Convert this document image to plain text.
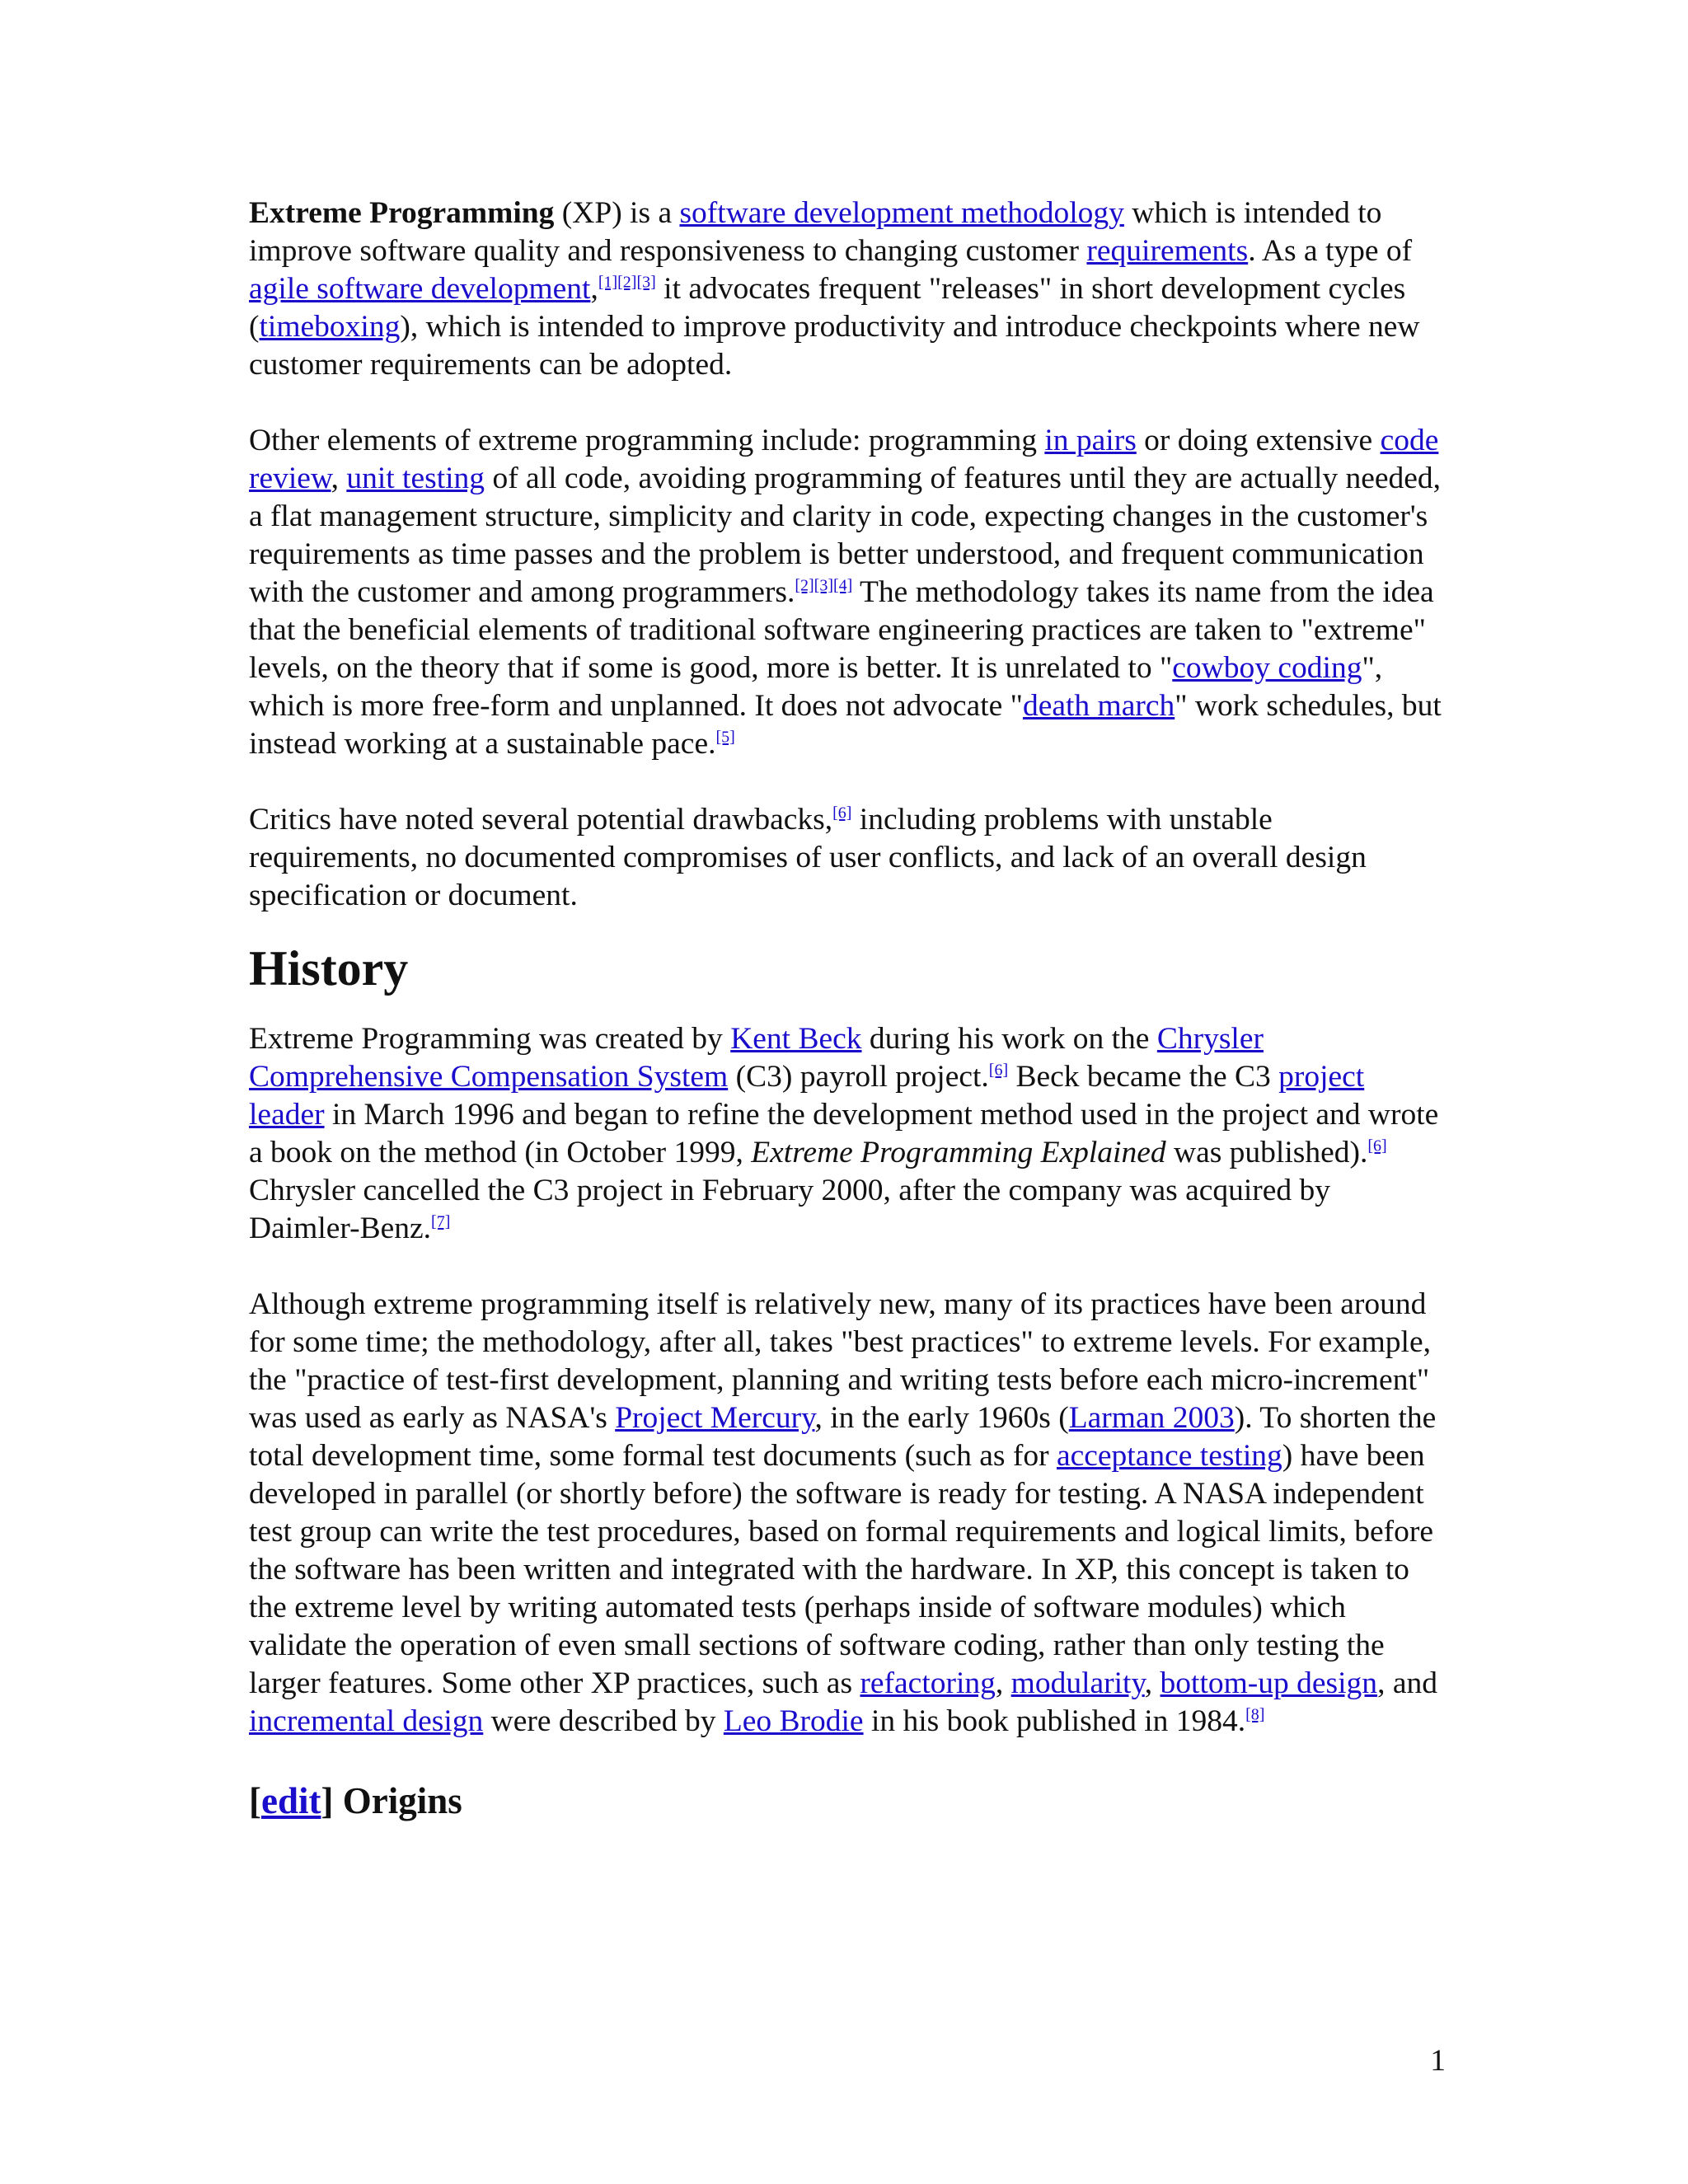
Extreme Programming (XP) is a software development methodology which is intended to improve software quality and responsiveness to changing customer requirements. As a type of agile software development,[1][2][3] it advocates frequent "releases" in short development cycles (timeboxing), which is intended to improve productivity and introduce checkpoints where new customer requirements can be adopted.

Other elements of extreme programming include: programming in pairs or doing extensive code review, unit testing of all code, avoiding programming of features until they are actually needed, a flat management structure, simplicity and clarity in code, expecting changes in the customer's requirements as time passes and the problem is better understood, and frequent communication with the customer and among programmers.[2][3][4] The methodology takes its name from the idea that the beneficial elements of traditional software engineering practices are taken to "extreme" levels, on the theory that if some is good, more is better. It is unrelated to "cowboy coding", which is more free-form and unplanned. It does not advocate "death march" work schedules, but instead working at a sustainable pace.[5]

Critics have noted several potential drawbacks,[6] including problems with unstable requirements, no documented compromises of user conflicts, and lack of an overall design specification or document.

History

Extreme Programming was created by Kent Beck during his work on the Chrysler Comprehensive Compensation System (C3) payroll project.[6] Beck became the C3 project leader in March 1996 and began to refine the development method used in the project and wrote a book on the method (in October 1999, Extreme Programming Explained was published).[6] Chrysler cancelled the C3 project in February 2000, after the company was acquired by Daimler-Benz.[7]

Although extreme programming itself is relatively new, many of its practices have been around for some time; the methodology, after all, takes "best practices" to extreme levels. For example, the "practice of test-first development, planning and writing tests before each micro-increment" was used as early as NASA's Project Mercury, in the early 1960s (Larman 2003). To shorten the total development time, some formal test documents (such as for acceptance testing) have been developed in parallel (or shortly before) the software is ready for testing. A NASA independent test group can write the test procedures, based on formal requirements and logical limits, before the software has been written and integrated with the hardware. In XP, this concept is taken to the extreme level by writing automated tests (perhaps inside of software modules) which validate the operation of even small sections of software coding, rather than only testing the larger features. Some other XP practices, such as refactoring, modularity, bottom-up design, and incremental design were described by Leo Brodie in his book published in 1984.[8]

[edit] Origins
1
